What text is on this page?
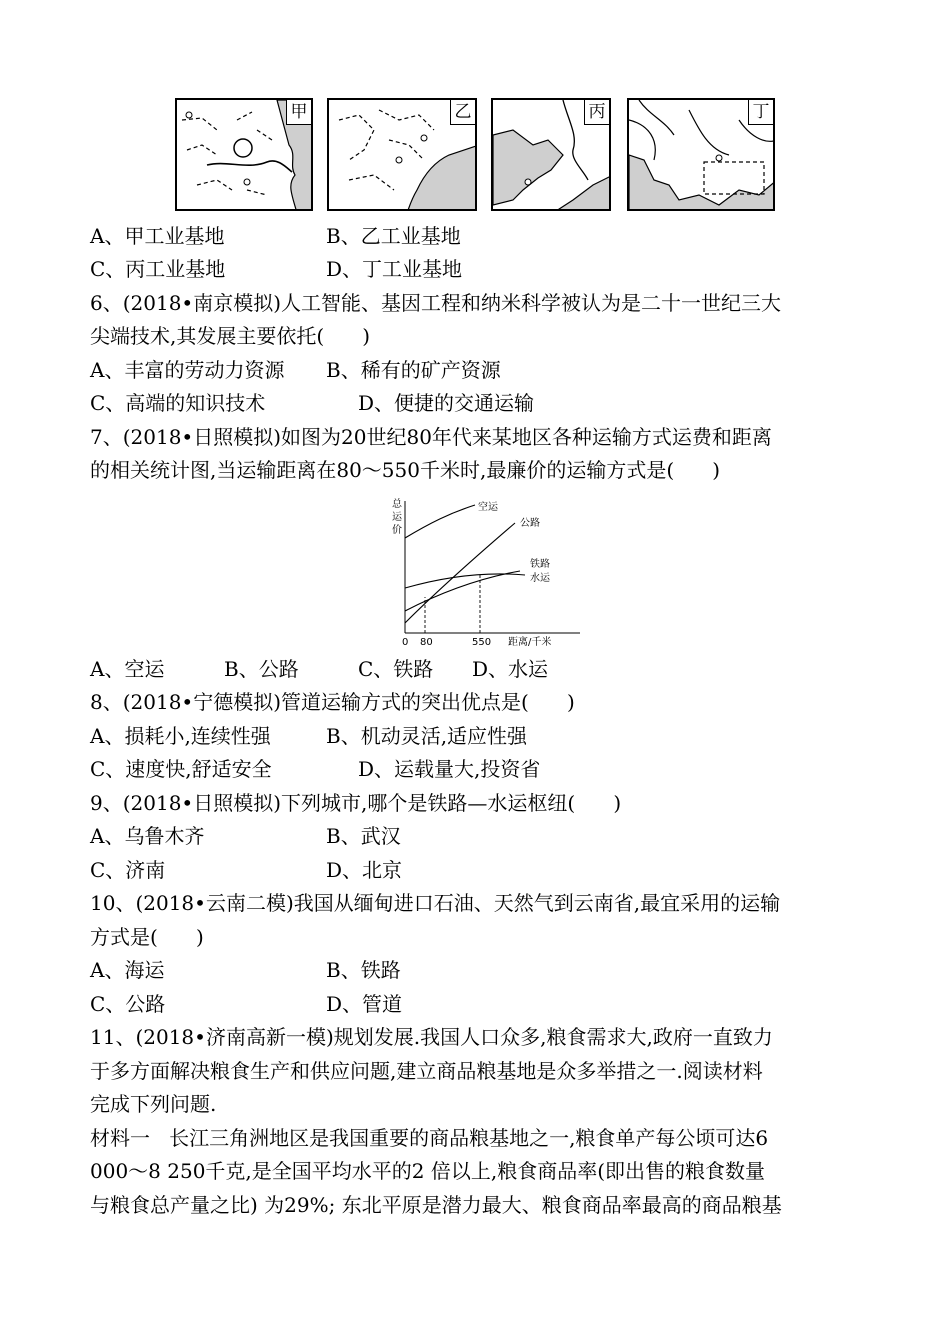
甲	乙	丙	丁
A、甲工业基地	B、乙工业基地
C、丙工业基地	D、丁工业基地
6、(2018•南京模拟)人工智能、基因工程和纳米科学被认为是二十一世纪三大
尖端技术,其发展主要依托(      )
A、丰富的劳动力资源 B、稀有的矿产资源
C、高端的知识技术	D、便捷的交通运输
7、(2018•日照模拟)如图为20世纪80年代来某地区各种运输方式运费和距离
的相关统计图,当运输距离在80～550千米时,最廉价的运输方式是(      )
总
运
价
空运
公路
铁路
水运
0 80	550 距离/千米
A、空运	B、公路	C、铁路 D、水运
8、(2018•宁德模拟)管道运输方式的突出优点是(      )
A、损耗小,连续性强	B、机动灵活,适应性强
C、速度快,舒适安全	D、运载量大,投资省
9、(2018•日照模拟)下列城市,哪个是铁路—水运枢纽(      )
A、乌鲁木齐	B、武汉
C、济南	D、北京
10、(2018•云南二模)我国从缅甸进口石油、天然气到云南省,最宜采用的运输
方式是(      )
A、海运	B、铁路
C、公路	D、管道
11、(2018•济南高新一模)规划发展.我国人口众多,粮食需求大,政府一直致力
于多方面解决粮食生产和供应问题,建立商品粮基地是众多举措之一.阅读材料
完成下列问题.
材料一   长江三角洲地区是我国重要的商品粮基地之一,粮食单产每公顷可达6
000～8 250千克,是全国平均水平的2 倍以上,粮食商品率(即出售的粮食数量
与粮食总产量之比) 为29%; 东北平原是潜力最大、粮食商品率最高的商品粮基
